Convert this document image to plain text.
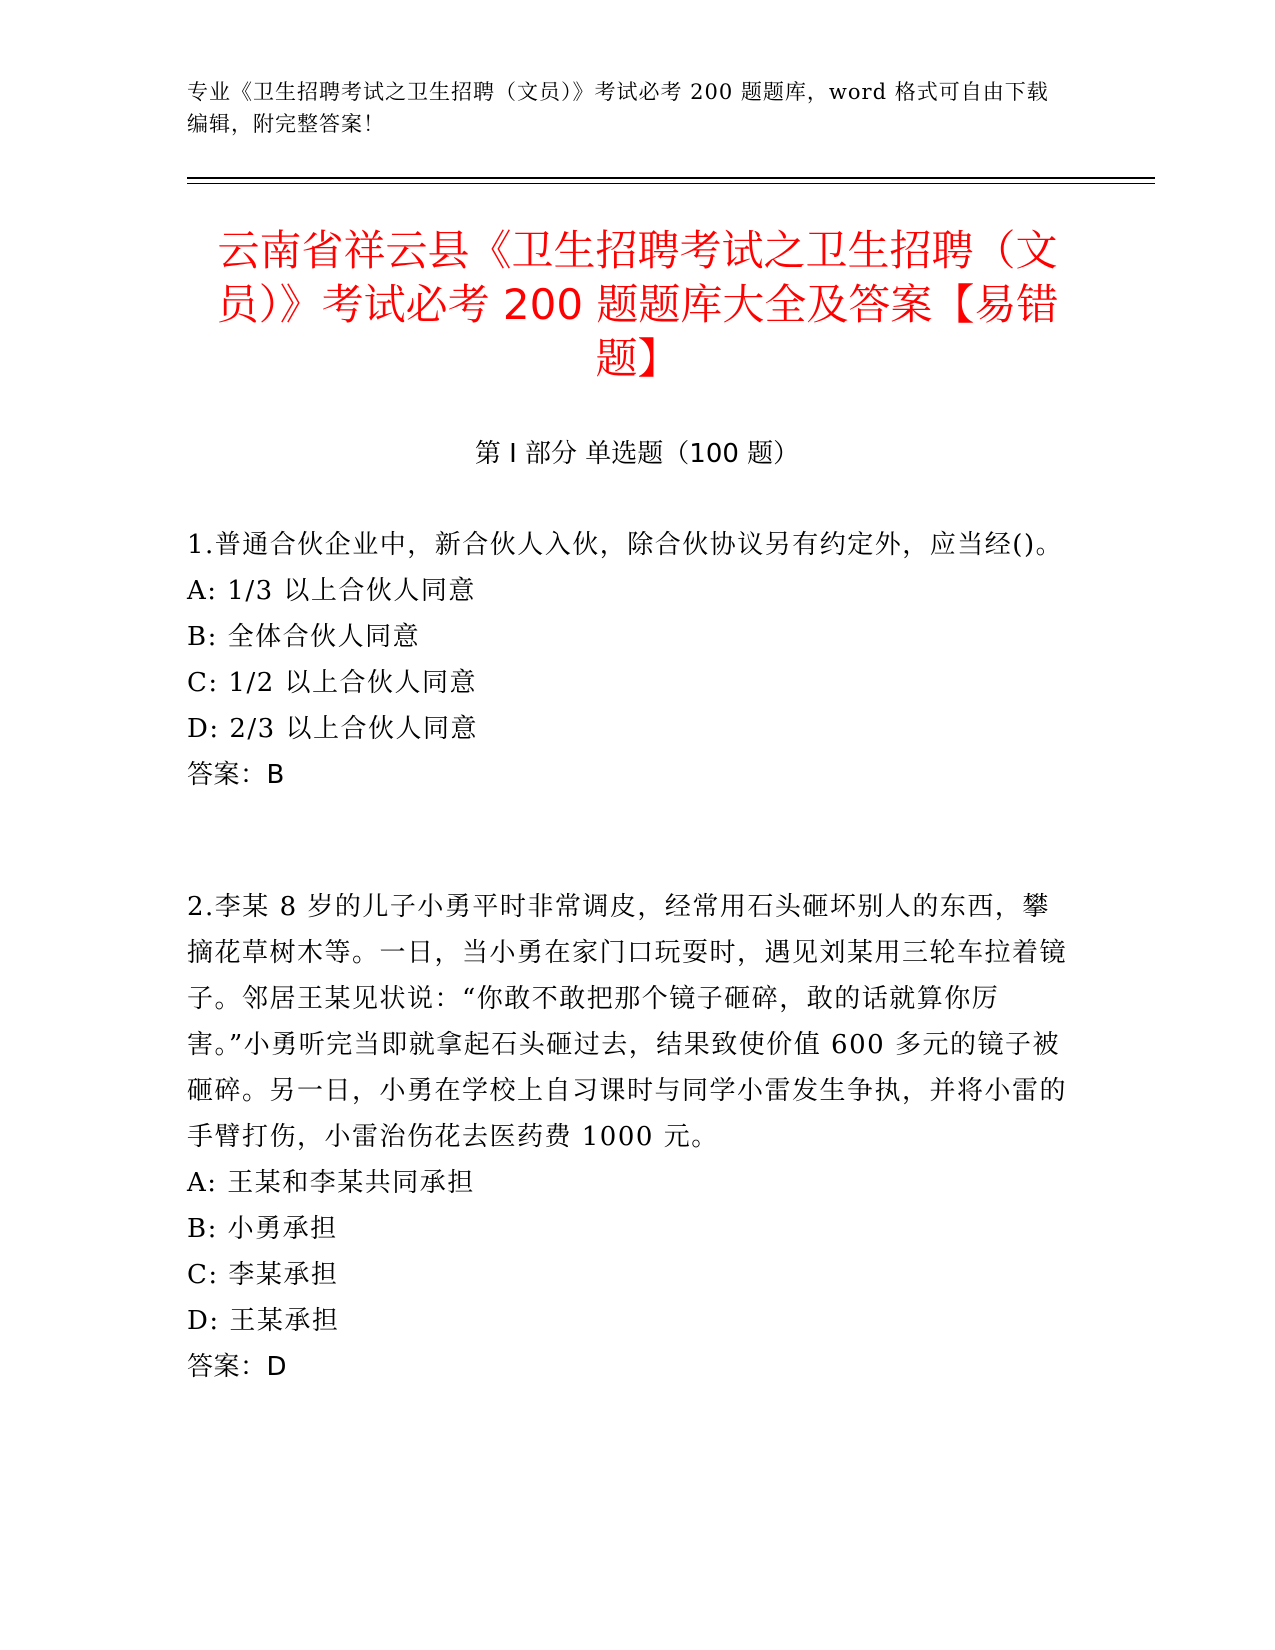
专业《卫生招聘考试之卫生招聘（文员）》考试必考 200 题题库，word 格式可自由下载编辑，附完整答案！
云南省祥云县《卫生招聘考试之卫生招聘（文员）》考试必考 200 题题库大全及答案【易错题】
第 I 部分 单选题（100 题）

1.普通合伙企业中，新合伙人入伙，除合伙协议另有约定外，应当经()。

A: 1/3 以上合伙人同意

B: 全体合伙人同意

C: 1/2 以上合伙人同意

D: 2/3 以上合伙人同意

答案：B

2.李某 8 岁的儿子小勇平时非常调皮，经常用石头砸坏别人的东西，攀摘花草树木等。一日，当小勇在家门口玩耍时，遇见刘某用三轮车拉着镜子。邻居王某见状说：“你敢不敢把那个镜子砸碎，敢的话就算你厉害。”小勇听完当即就拿起石头砸过去，结果致使价值 600 多元的镜子被砸碎。另一日，小勇在学校上自习课时与同学小雷发生争执，并将小雷的手臂打伤，小雷治伤花去医药费 1000 元。

A: 王某和李某共同承担

B: 小勇承担

C: 李某承担

D: 王某承担

答案：D
